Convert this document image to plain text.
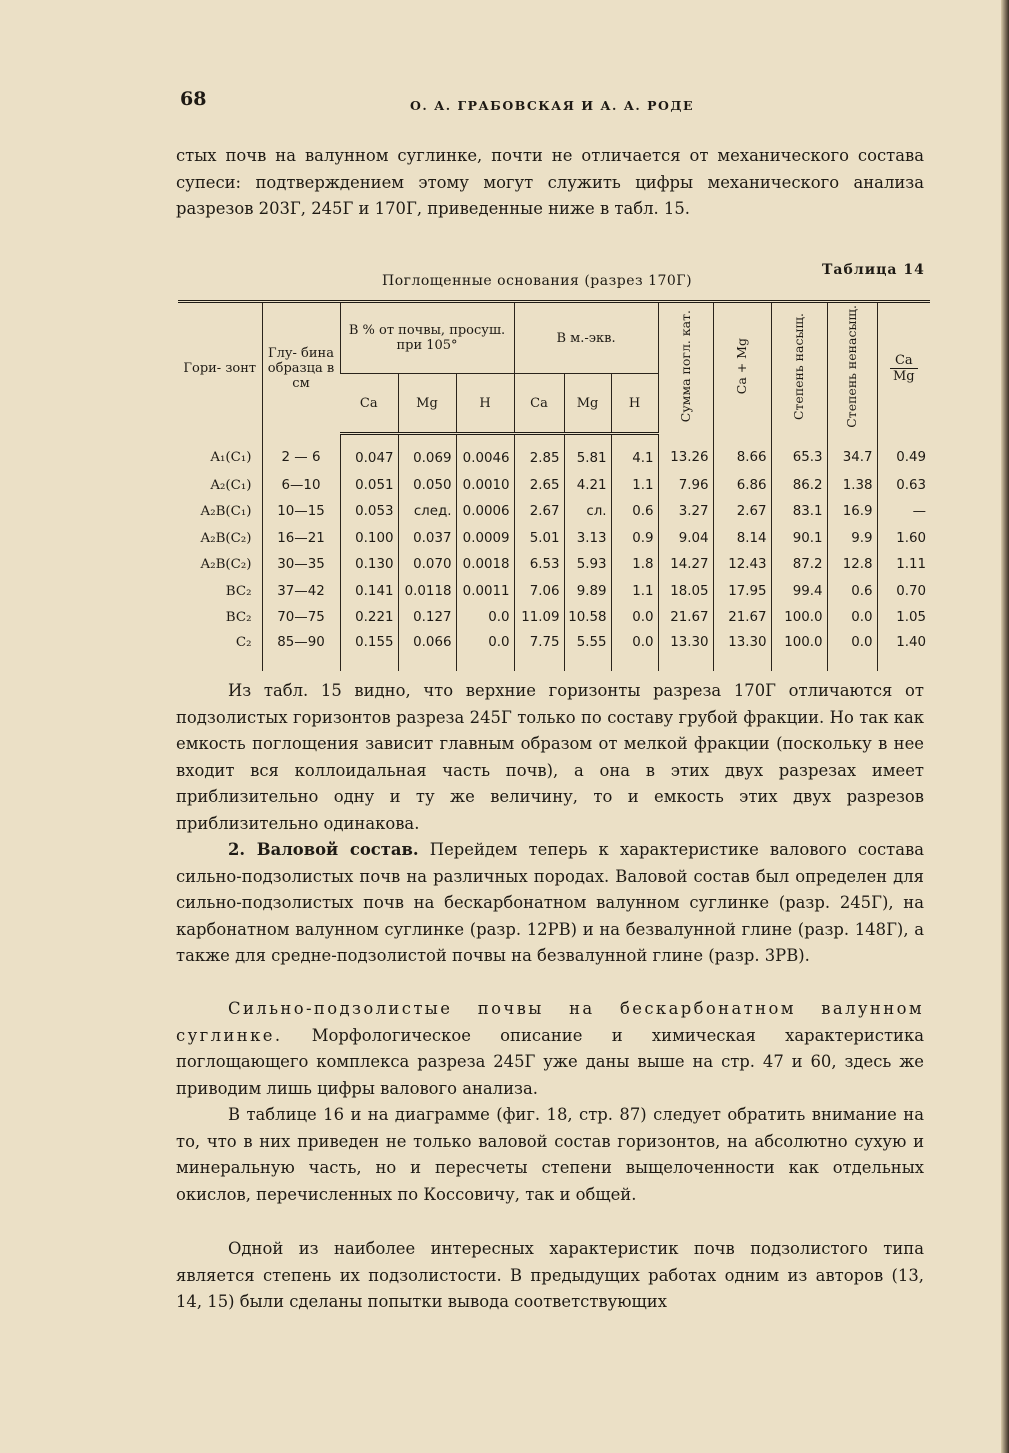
68	О. А. ГРАБОВСКАЯ И А. А. РОДЕ

стых почв на валунном суглинке, почти не отличается от механического состава супеси: подтверждением этому могут служить цифры механического анализа разрезов 203Г, 245Г и 170Г, приведенные ниже в табл. 15.

Таблица 14
Поглощенные основания (разрез 170Г)
Гори- зонт	Глу- бина образца в см	В % от почвы, просуш. при 105°			В м.-экв.			Сумма погл. кат.	Ca + Mg	Степень насыщ.	Степень ненасыщ.	$\frac{Ca}{Mg}$

		Ca	Mg	H	Ca	Mg	H					
A₁(C₁)	2 — 6	0.047	0.069	0.0046	2.85	5.81	4.1	13.26	8.66	65.3	34.7	0.49
A₂(C₁)	6—10	0.051	0.050	0.0010	2.65	4.21	1.1	7.96	6.86	86.2	1.38	0.63
A₂B(C₁)	10—15	0.053	след.	0.0006	2.67	сл.	0.6	3.27	2.67	83.1	16.9	—
A₂B(C₂)	16—21	0.100	0.037	0.0009	5.01	3.13	0.9	9.04	8.14	90.1	9.9	1.60
A₂B(C₂)	30—35	0.130	0.070	0.0018	6.53	5.93	1.8	14.27	12.43	87.2	12.8	1.11
BC₂	37—42	0.141	0.0118	0.0011	7.06	9.89	1.1	18.05	17.95	99.4	0.6	0.70
BC₂	70—75	0.221	0.127	0.0	11.09	10.58	0.0	21.67	21.67	100.0	0.0	1.05
C₂	85—90	0.155	0.066	0.0	7.75	5.55	0.0	13.30	13.30	100.0	0.0	1.40

Из табл. 15 видно, что верхние горизонты разреза 170Г отличаются от подзолистых горизонтов разреза 245Г только по составу грубой фракции. Но так как емкость поглощения зависит главным образом от мелкой фракции (поскольку в нее входит вся коллоидальная часть почв), а она в этих двух разрезах имеет приблизительно одну и ту же величину, то и емкость этих двух разрезов приблизительно одинакова.

2. Валовой состав. Перейдем теперь к характеристике валового состава сильно-подзолистых почв на различных породах. Валовой состав был определен для сильно-подзолистых почв на бескарбонатном валунном суглинке (разр. 245Г), на карбонатном валунном суглинке (разр. 12РВ) и на безвалунной глине (разр. 148Г), а также для средне-подзолистой почвы на безвалунной глине (разр. 3РВ).

Сильно-подзолистые почвы на бескарбонатном валунном суглинке. Морфологическое описание и химическая характеристика поглощающего комплекса разреза 245Г уже даны выше на стр. 47 и 60, здесь же приводим лишь цифры валового анализа.

В таблице 16 и на диаграмме (фиг. 18, стр. 87) следует обратить внимание на то, что в них приведен не только валовой состав горизонтов, на абсолютно сухую и минеральную часть, но и пересчеты степени выщелоченности как отдельных окислов, перечисленных по Коссовичу, так и общей.

Одной из наиболее интересных характеристик почв подзолистого типа является степень их подзолистости. В предыдущих работах одним из авторов (13, 14, 15) были сделаны попытки вывода соответствующих
